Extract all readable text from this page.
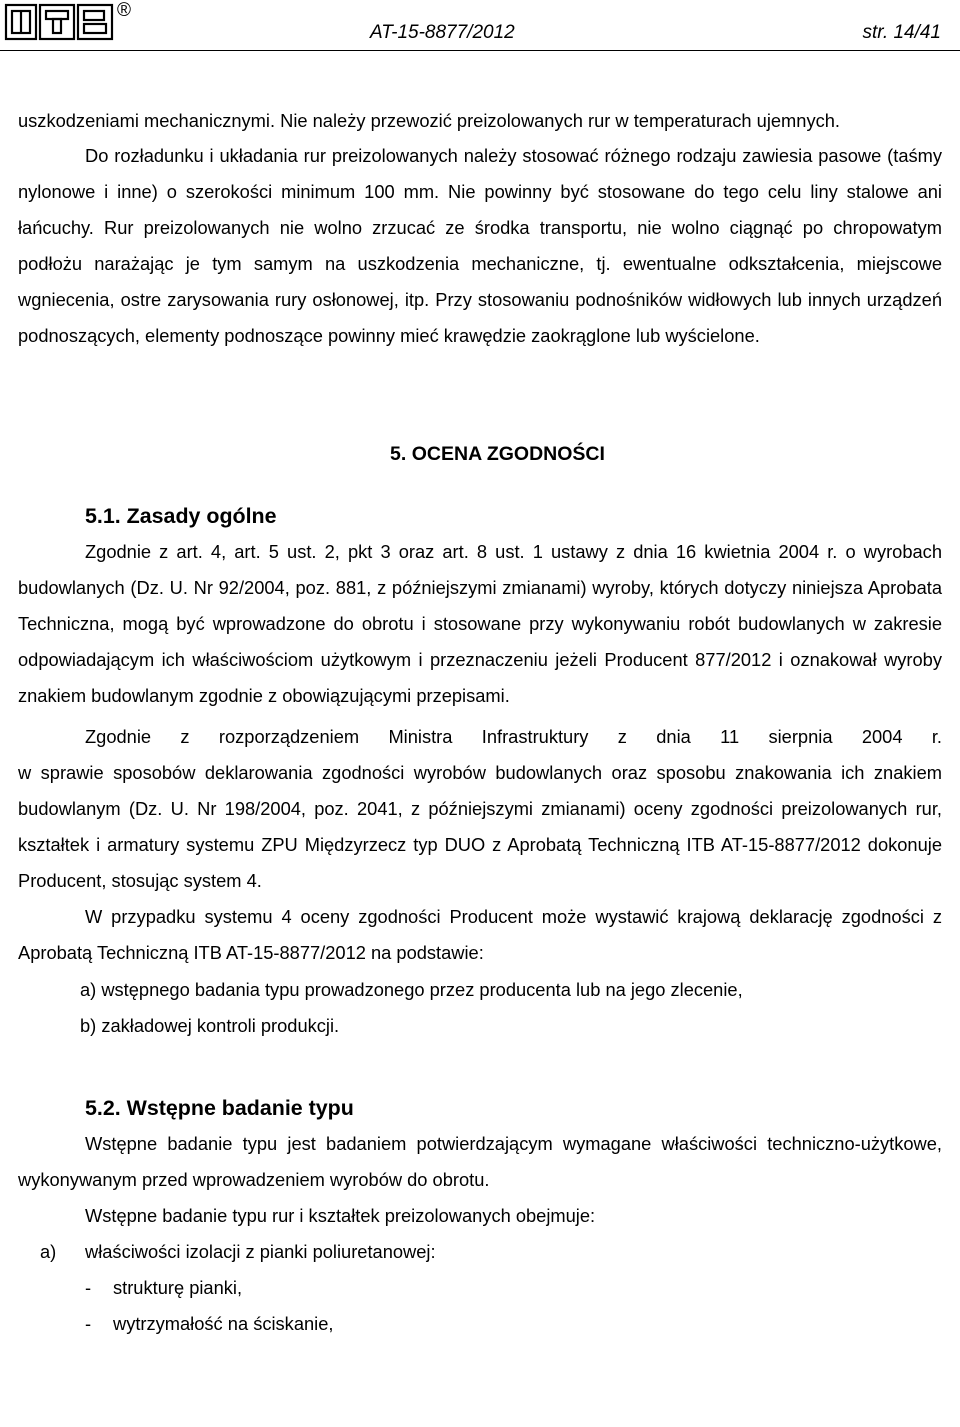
®
AT-15-8877/2012	str. 14/41

uszkodzeniami mechanicznymi. Nie należy przewozić preizolowanych rur w temperaturach ujemnych.

Do rozładunku i układania rur preizolowanych należy stosować różnego rodzaju zawiesia pasowe (taśmy nylonowe i inne) o szerokości minimum 100 mm. Nie powinny być stosowane do tego celu liny stalowe ani łańcuchy. Rur preizolowanych nie wolno zrzucać ze środka transportu, nie wolno ciągnąć po chropowatym podłożu narażając je tym samym na uszkodzenia mechaniczne, tj. ewentualne odkształcenia, miejscowe wgniecenia, ostre zarysowania rury osłonowej, itp. Przy stosowaniu podnośników widłowych lub innych urządzeń podnoszących, elementy podnoszące powinny mieć krawędzie zaokrąglone lub wyścielone.

5. OCENA ZGODNOŚCI
5.1. Zasady ogólne

Zgodnie z art. 4, art. 5 ust. 2, pkt 3 oraz art. 8 ust. 1 ustawy z dnia 16 kwietnia 2004 r. o wyrobach budowlanych (Dz. U. Nr 92/2004, poz. 881, z późniejszymi zmianami) wyroby, których dotyczy niniejsza Aprobata Techniczna, mogą być wprowadzone do obrotu i stosowane przy wykonywaniu robót budowlanych w zakresie odpowiadającym ich właściwościom użytkowym i przeznaczeniu jeżeli Producent 877/2012 i oznakował wyroby znakiem budowlanym zgodnie z obowiązującymi przepisami.

Zgodnie z rozporządzeniem Ministra Infrastruktury z dnia 11 sierpnia 2004 r.

w sprawie sposobów deklarowania zgodności wyrobów budowlanych oraz sposobu znakowania ich znakiem budowlanym (Dz. U. Nr 198/2004, poz. 2041, z późniejszymi zmianami) oceny zgodności preizolowanych rur, kształtek i armatury systemu ZPU Międzyrzecz typ DUO z Aprobatą Techniczną ITB AT-15-8877/2012 dokonuje Producent, stosując system 4.

W przypadku systemu 4 oceny zgodności Producent może wystawić krajową deklarację zgodności z Aprobatą Techniczną ITB AT-15-8877/2012 na podstawie:

a) wstępnego badania typu prowadzonego przez producenta lub na jego zlecenie,

b) zakładowej kontroli produkcji.

5.2. Wstępne badanie typu

Wstępne badanie typu jest badaniem potwierdzającym wymagane właściwości techniczno-użytkowe, wykonywanym przed wprowadzeniem wyrobów do obrotu.

Wstępne badanie typu rur i kształtek preizolowanych obejmuje:

a) właściwości izolacji z pianki poliuretanowej:

- strukturę pianki,

- wytrzymałość na ściskanie,
